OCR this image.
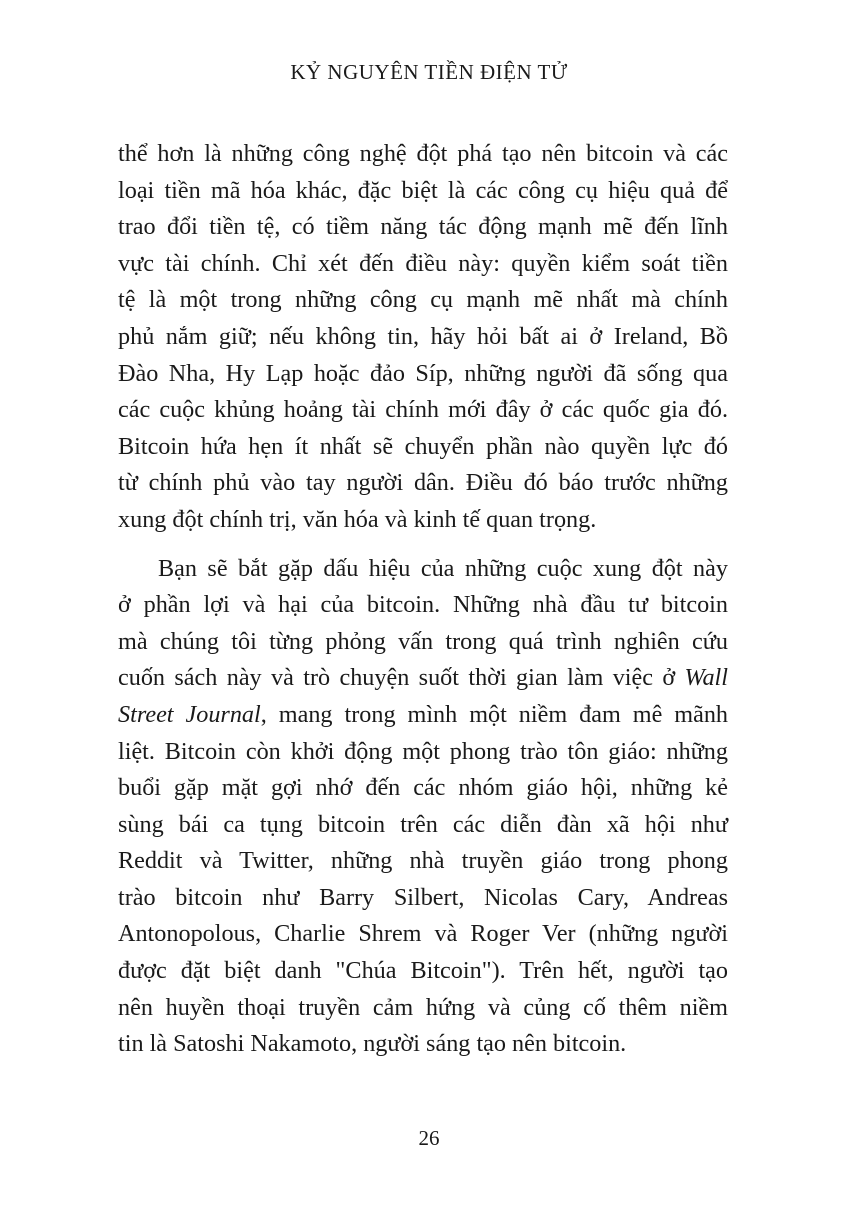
KỶ NGUYÊN TIỀN ĐIỆN TỬ
thể hơn là những công nghệ đột phá tạo nên bitcoin và các
loại tiền mã hóa khác, đặc biệt là các công cụ hiệu quả để
trao đổi tiền tệ, có tiềm năng tác động mạnh mẽ đến lĩnh
vực tài chính. Chỉ xét đến điều này: quyền kiểm soát tiền
tệ là một trong những công cụ mạnh mẽ nhất mà chính
phủ nắm giữ; nếu không tin, hãy hỏi bất ai ở Ireland, Bồ
Đào Nha, Hy Lạp hoặc đảo Síp, những người đã sống qua
các cuộc khủng hoảng tài chính mới đây ở các quốc gia đó.
Bitcoin hứa hẹn ít nhất sẽ chuyển phần nào quyền lực đó
từ chính phủ vào tay người dân. Điều đó báo trước những
xung đột chính trị, văn hóa và kinh tế quan trọng.
Bạn sẽ bắt gặp dấu hiệu của những cuộc xung đột này
ở phần lợi và hại của bitcoin. Những nhà đầu tư bitcoin
mà chúng tôi từng phỏng vấn trong quá trình nghiên cứu
cuốn sách này và trò chuyện suốt thời gian làm việc ở Wall
Street Journal, mang trong mình một niềm đam mê mãnh
liệt. Bitcoin còn khởi động một phong trào tôn giáo: những
buổi gặp mặt gợi nhớ đến các nhóm giáo hội, những kẻ
sùng bái ca tụng bitcoin trên các diễn đàn xã hội như
Reddit và Twitter, những nhà truyền giáo trong phong
trào bitcoin như Barry Silbert, Nicolas Cary, Andreas
Antonopolous, Charlie Shrem và Roger Ver (những người
được đặt biệt danh "Chúa Bitcoin"). Trên hết, người tạo
nên huyền thoại truyền cảm hứng và củng cố thêm niềm
tin là Satoshi Nakamoto, người sáng tạo nên bitcoin.
26
